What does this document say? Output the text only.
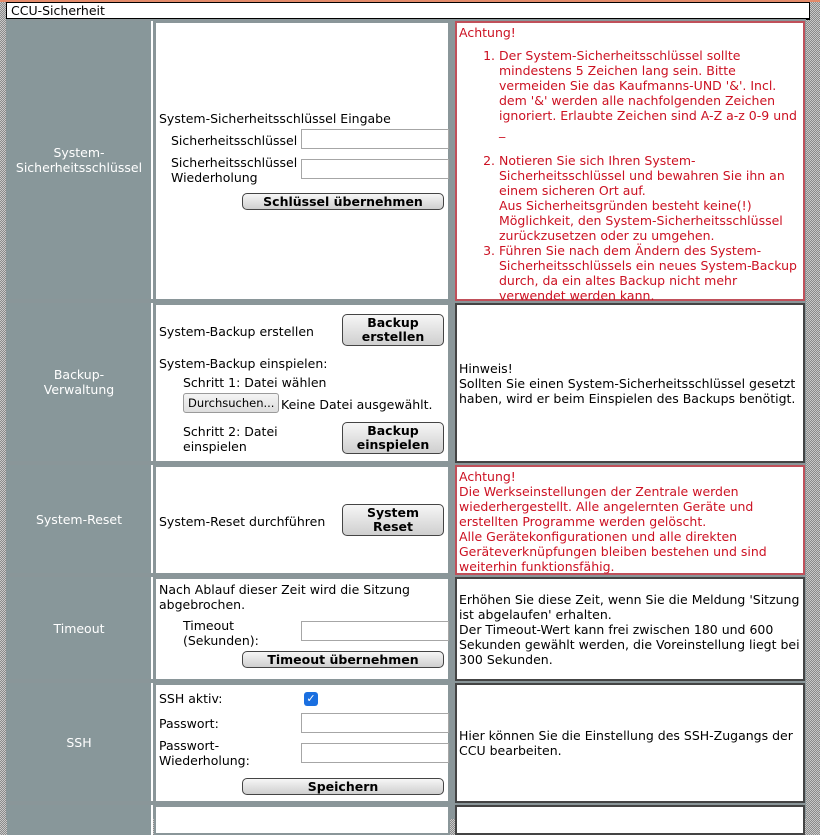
CCU-Sicherheit
System-Sicherheitsschlüssel
System-Sicherheitsschlüssel Eingabe
Sicherheitsschlüssel
Sicherheitsschlüssel
Wiederholung
Schlüssel übernehmen
Achtung!
1. Der System-Sicherheitsschlüssel sollte mindestens 5 Zeichen lang sein. Bitte vermeiden Sie das Kaufmanns-UND '&'. Incl. dem '&' werden alle nachfolgenden Zeichen ignoriert. Erlaubte Zeichen sind A-Z a-z 0-9 und _
2. Notieren Sie sich Ihren System-Sicherheitsschlüssel und bewahren Sie ihn an einem sicheren Ort auf.
Aus Sicherheitsgründen besteht keine(!) Möglichkeit, den System-Sicherheitsschlüssel zurückzusetzen oder zu umgehen.
3. Führen Sie nach dem Ändern des System-Sicherheitsschlüssels ein neues System-Backup durch, da ein altes Backup nicht mehr verwendet werden kann.
Backup-
Verwaltung
System-Backup erstellen
Backup
erstellen
System-Backup einspielen:
Schritt 1: Datei wählen
Durchsuchen... Keine Datei ausgewählt.
Schritt 2: Datei
einspielen
Backup
einspielen
Hinweis!
Sollten Sie einen System-Sicherheitsschlüssel gesetzt haben, wird er beim Einspielen des Backups benötigt.
System-Reset	System-Reset durchführen
System
Reset
Achtung!
Die Werkseinstellungen der Zentrale werden wiederhergestellt. Alle angelernten Geräte und erstellten Programme werden gelöscht.
Alle Gerätekonfigurationen und alle direkten Geräteverknüpfungen bleiben bestehen und sind weiterhin funktionsfähig.
Timeout
Nach Ablauf dieser Zeit wird die Sitzung abgebrochen.
Timeout
(Sekunden):
Timeout übernehmen
Erhöhen Sie diese Zeit, wenn Sie die Meldung 'Sitzung ist abgelaufen' erhalten.
Der Timeout-Wert kann frei zwischen 180 und 600 Sekunden gewählt werden, die Voreinstellung liegt bei 300 Sekunden.
SSH
SSH aktiv:	✓
Passwort:
Passwort-
Wiederholung:
Speichern
Hier können Sie die Einstellung des SSH-Zugangs der CCU bearbeiten.
